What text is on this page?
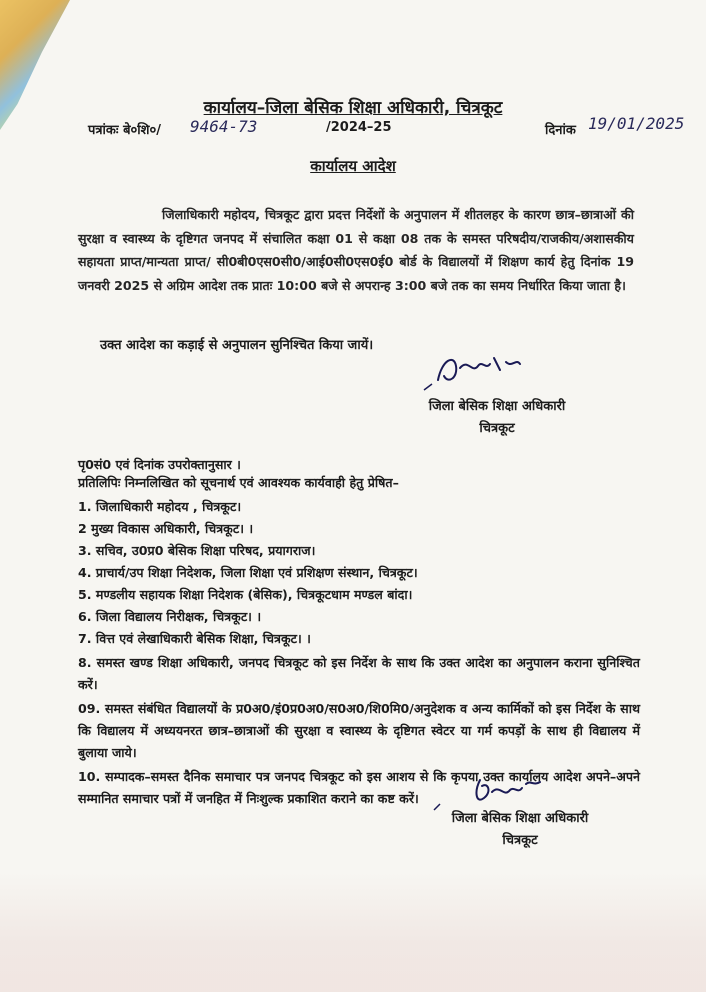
कार्यालय–जिला बेसिक शिक्षा अधिकारी, चित्रकूट
पत्रांकः बे०शि०/ 9464-73	/2024–25	दिनांक 19/01/2025
कार्यालय आदेश
जिलाधिकारी महोदय, चित्रकूट द्वारा प्रदत्त निर्देशों के अनुपालन में शीतलहर के कारण छात्र–छात्राओं की सुरक्षा व स्वास्थ्य के दृष्टिगत जनपद में संचालित कक्षा 01 से कक्षा 08 तक के समस्त परिषदीय/राजकीय/अशासकीय सहायता प्राप्त/मान्यता प्राप्त/ सी0बी0एस0सी0/आई0सी0एस0ई0 बोर्ड के विद्यालयों में शिक्षण कार्य हेतु दिनांक 19 जनवरी 2025 से अग्रिम आदेश तक प्रातः 10:00 बजे से अपरान्ह 3:00 बजे तक का समय निर्धारित किया जाता है।
उक्त आदेश का कड़ाई से अनुपालन सुनिश्चित किया जायें।
जिला बेसिक शिक्षा अधिकारी
चित्रकूट
पृ0सं0 एवं दिनांक उपरोक्तानुसार ।
प्रतिलिपिः निम्नलिखित को सूचनार्थ एवं आवश्यक कार्यवाही हेतु प्रेषित–
1. जिलाधिकारी महोदय , चित्रकूट।
2 मुख्य विकास अधिकारी, चित्रकूट। ।
3. सचिव, उ0प्र0 बेसिक शिक्षा परिषद, प्रयागराज।
4. प्राचार्य/उप शिक्षा निदेशक, जिला शिक्षा एवं प्रशिक्षण संस्थान, चित्रकूट।
5. मण्डलीय सहायक शिक्षा निदेशक (बेसिक), चित्रकूटधाम मण्डल बांदा।
6. जिला विद्यालय निरीक्षक, चित्रकूट। ।
7. वित्त एवं लेखाधिकारी बेसिक शिक्षा, चित्रकूट। ।
8. समस्त खण्ड शिक्षा अधिकारी, जनपद चित्रकूट को इस निर्देश के साथ कि उक्त आदेश का अनुपालन कराना सुनिश्चित करें।
09. समस्त संबंधित विद्यालयों के प्र0अ0/इं0प्र0अ0/स0अ0/शि0मि0/अनुदेशक व अन्य कार्मिकों को इस निर्देश के साथ कि विद्यालय में अध्ययनरत छात्र–छात्राओं की सुरक्षा व स्वास्थ्य के दृष्टिगत स्वेटर या गर्म कपड़ों के साथ ही विद्यालय में बुलाया जाये।
10. सम्पादक–समस्त दैनिक समाचार पत्र जनपद चित्रकूट को इस आशय से कि कृपया उक्त कार्यालय आदेश अपने–अपने सम्मानित समाचार पत्रों में जनहित में निःशुल्क प्रकाशित कराने का कष्ट करें।
जिला बेसिक शिक्षा अधिकारी
चित्रकूट
